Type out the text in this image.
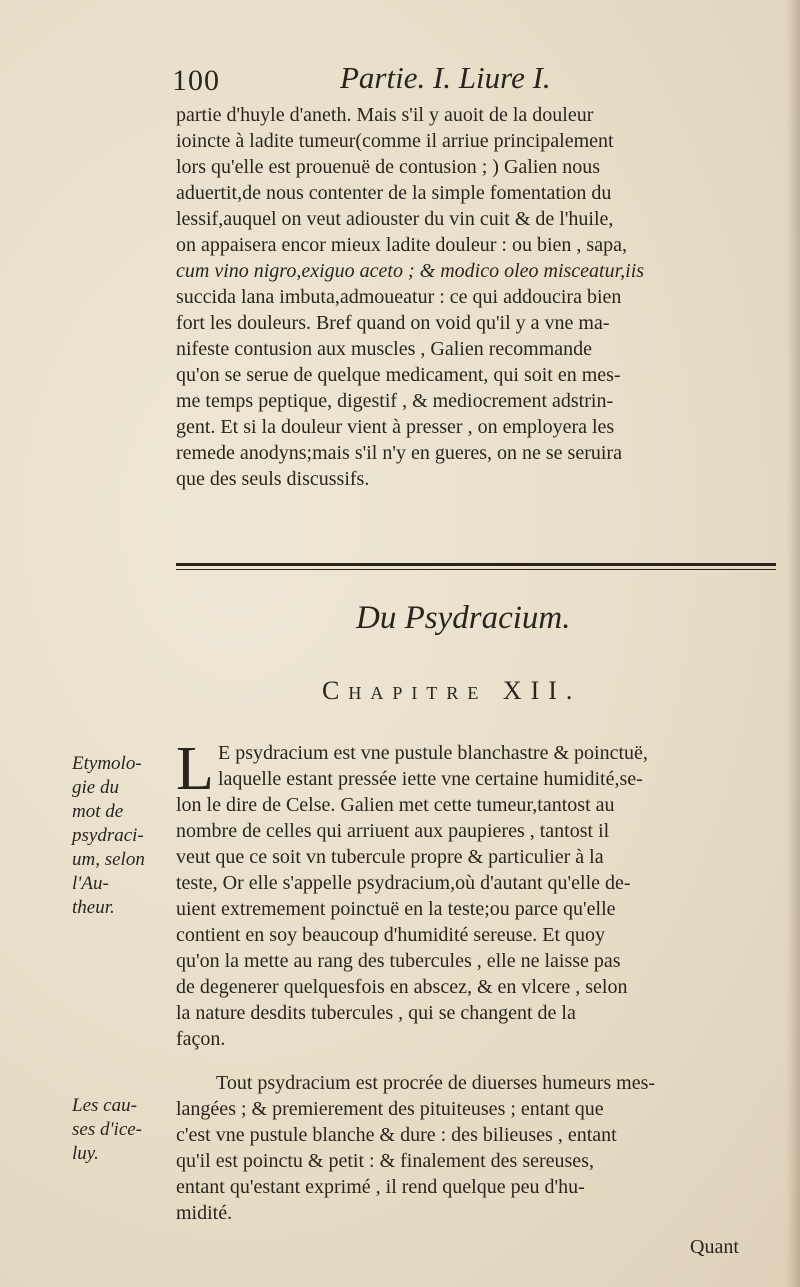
100	Partie. I. Liure I.
partie d'huyle d'aneth. Mais s'il y auoit de la douleur
ioincte à ladite tumeur(comme il arriue principalement
lors qu'elle est prouenuë de contusion ; ) Galien nous
aduertit,de nous contenter de la simple fomentation du
lessif,auquel on veut adiouster du vin cuit & de l'huile,
on appaisera encor mieux ladite douleur : ou bien , sapa,
cum vino nigro,exiguo aceto ; & modico oleo misceatur,iis
succida lana imbuta,admoueatur : ce qui addoucira bien
fort les douleurs. Bref quand on void qu'il y a vne ma-
nifeste contusion aux muscles , Galien recommande
qu'on se serue de quelque medicament, qui soit en mes-
me temps peptique, digestif , & mediocrement adstrin-
gent. Et si la douleur vient à presser , on employera les
remede anodyns;mais s'il n'y en gueres, on ne se seruira
que des seuls discussifs.
Du Psydracium.
Chapitre XII.
L E psydracium est vne pustule blanchastre & poinctuë,
laquelle estant pressée iette vne certaine humidité,se-
lon le dire de Celse. Galien met cette tumeur,tantost au
nombre de celles qui arriuent aux paupieres , tantost il
veut que ce soit vn tubercule propre & particulier à la
teste, Or elle s'appelle psydracium,où d'autant qu'elle de-
uient extremement poinctuë en la teste;ou parce qu'elle
contient en soy beaucoup d'humidité sereuse. Et quoy
qu'on la mette au rang des tubercules , elle ne laisse pas
de degenerer quelquesfois en abscez, & en vlcere , selon
la nature desdits tubercules , qui se changent de la
façon.
Tout psydracium est procrée de diuerses humeurs mes-
langées ; & premierement des pituiteuses ; entant que
c'est vne pustule blanche & dure : des bilieuses , entant
qu'il est poinctu & petit : & finalement des sereuses,
entant qu'estant exprimé , il rend quelque peu d'hu-
midité.
Etymolo-
gie du
mot de
psydraci-
um, selon
l'Au-
theur.
Les cau-
ses d'ice-
luy.
Quant
